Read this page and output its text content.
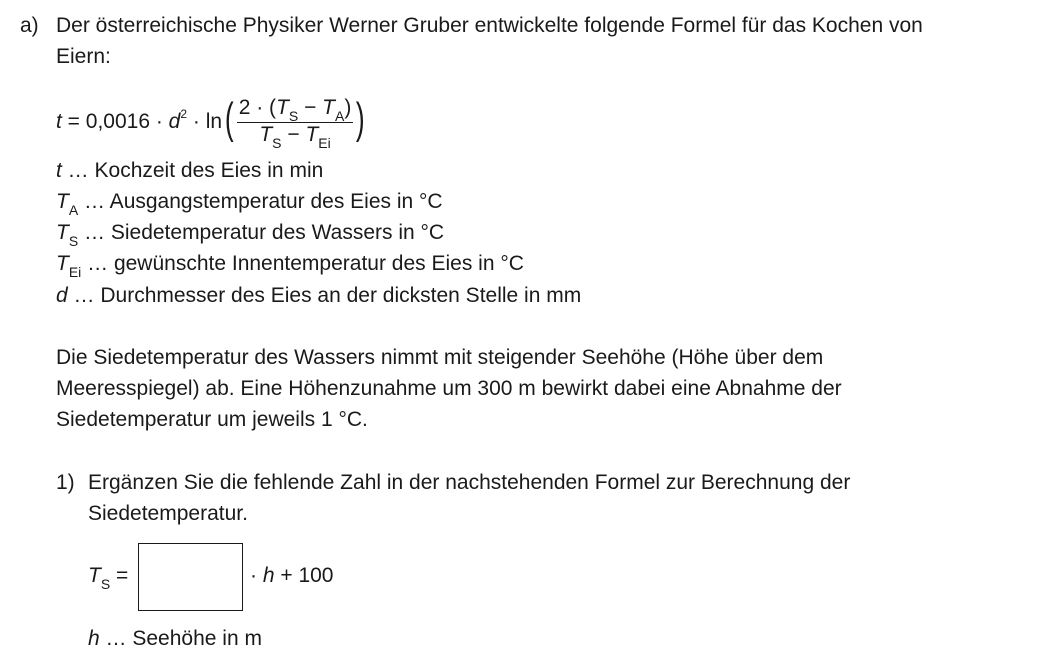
a) Der österreichische Physiker Werner Gruber entwickelte folgende Formel für das Kochen von
Eiern:
t = 0,0016 · d 2 · ln ( $\frac{2 \cdot (T_S - T_A)}{T_S - T_{Ei}}$ )
t … Kochzeit des Eies in min
$T_A$ … Ausgangstemperatur des Eies in °C
$T_S$ … Siedetemperatur des Wassers in °C
$T_{Ei}$ … gewünschte Innentemperatur des Eies in °C
d … Durchmesser des Eies an der dicksten Stelle in mm
Die Siedetemperatur des Wassers nimmt mit steigender Seehöhe (Höhe über dem
Meeresspiegel) ab. Eine Höhenzunahme um 300 m bewirkt dabei eine Abnahme der
Siedetemperatur um jeweils 1 °C.
1) Ergänzen Sie die fehlende Zahl in der nachstehenden Formel zur Berechnung der
Siedetemperatur.
$T_S$ =	· h + 100
h … Seehöhe in m
